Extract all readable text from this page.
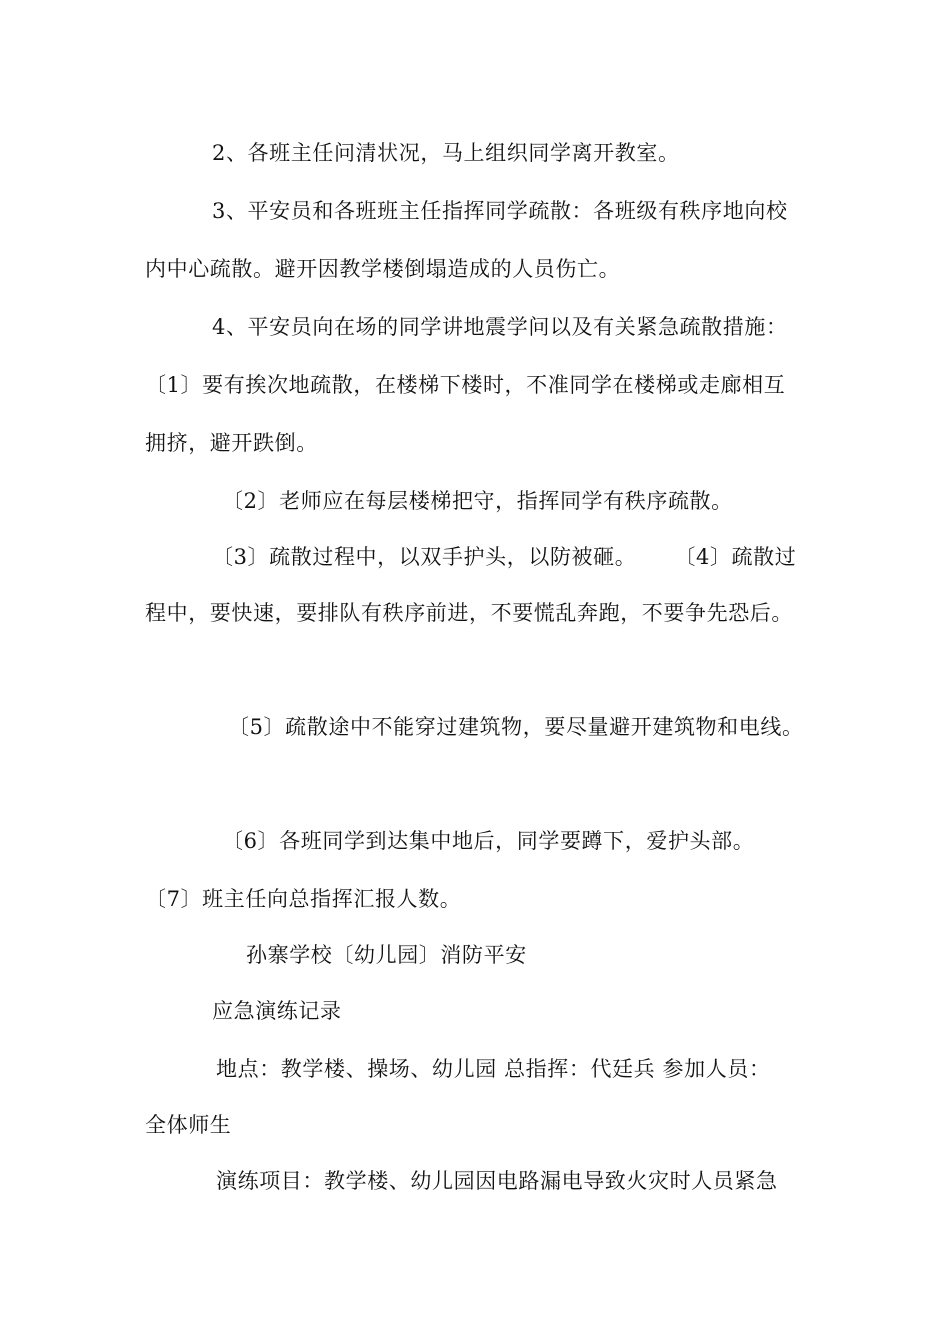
2、各班主任问清状况，马上组织同学离开教室。
3、平安员和各班班主任指挥同学疏散：各班级有秩序地向校
内中心疏散。避开因教学楼倒塌造成的人员伤亡。
4、平安员向在场的同学讲地震学问以及有关紧急疏散措施：
〔1〕要有挨次地疏散，在楼梯下楼时，不准同学在楼梯或走廊相互
拥挤，避开跌倒。
〔2〕老师应在每层楼梯把守，指挥同学有秩序疏散。
〔3〕疏散过程中，以双手护头，以防被砸。 〔4〕疏散过
程中，要快速，要排队有秩序前进，不要慌乱奔跑，不要争先恐后。
〔5〕疏散途中不能穿过建筑物，要尽量避开建筑物和电线。
〔6〕各班同学到达集中地后，同学要蹲下，爱护头部。
〔7〕班主任向总指挥汇报人数。
孙寨学校〔幼儿园〕消防平安
应急演练记录
地点：教学楼、操场、幼儿园 总指挥：代廷兵 参加人员：
全体师生
演练项目：教学楼、幼儿园因电路漏电导致火灾时人员紧急
